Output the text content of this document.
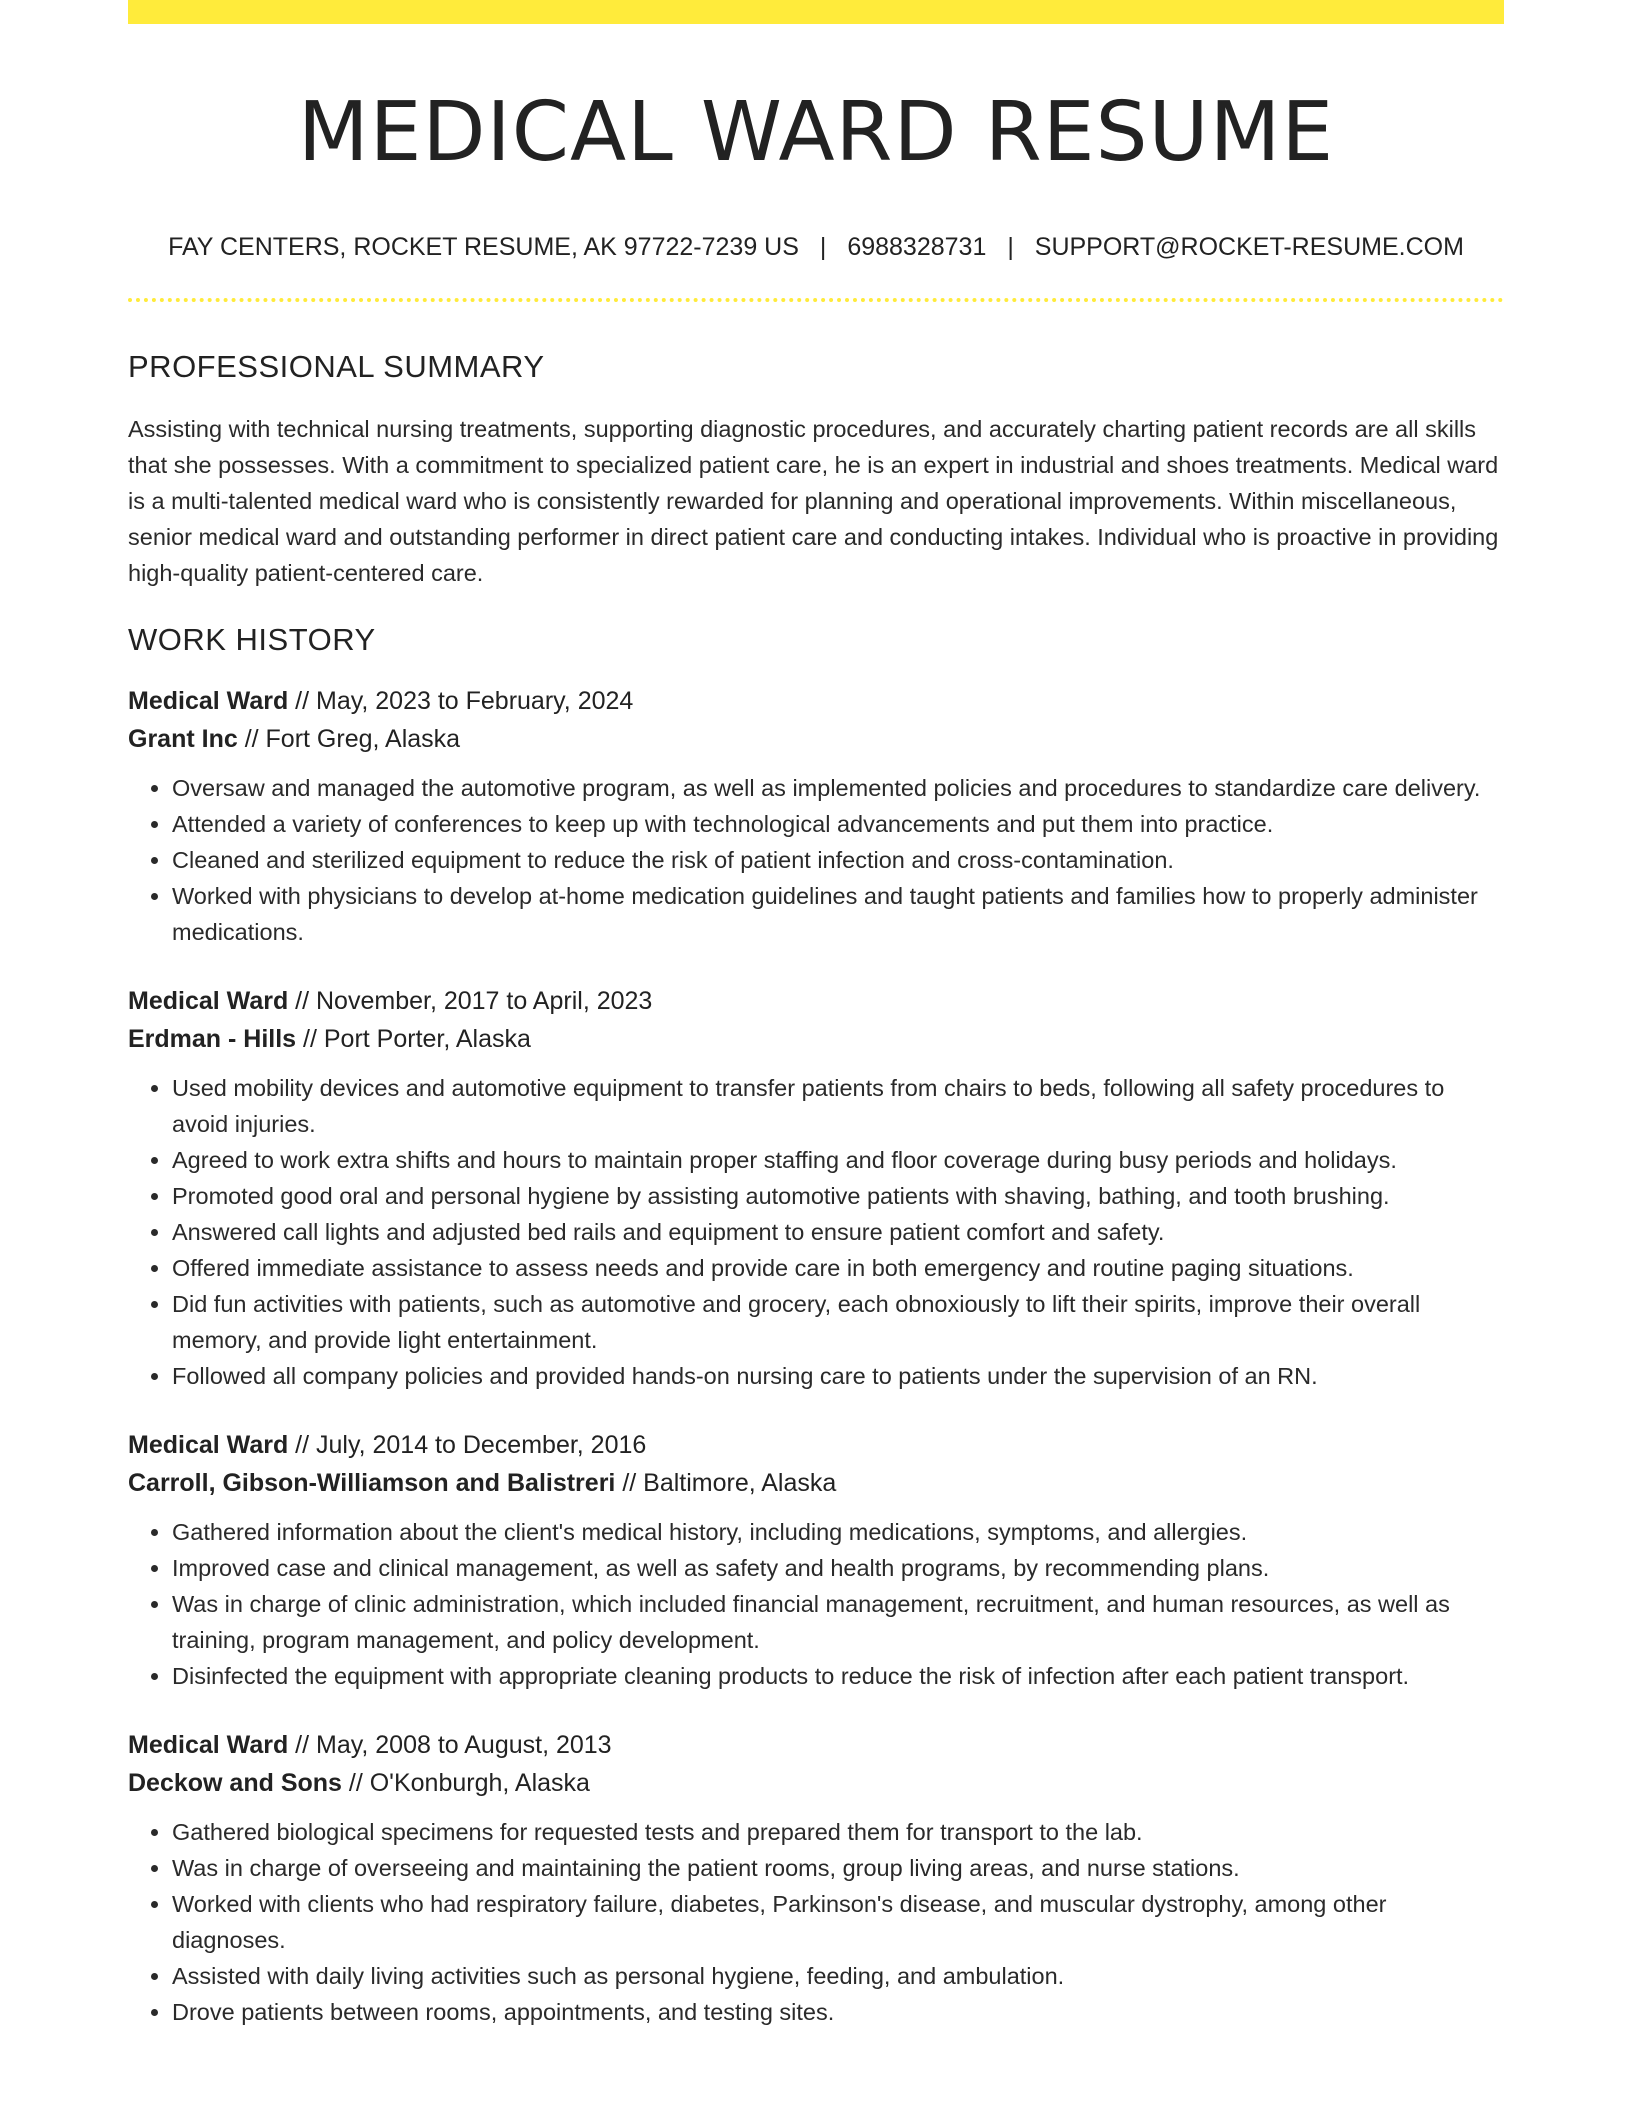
MEDICAL WARD RESUME
FAY CENTERS, ROCKET RESUME, AK 97722-7239 US | 6988328731 | SUPPORT@ROCKET-RESUME.COM
PROFESSIONAL SUMMARY

Assisting with technical nursing treatments, supporting diagnostic procedures, and accurately charting patient records are all skills that she possesses. With a commitment to specialized patient care, he is an expert in industrial and shoes treatments. Medical ward is a multi-talented medical ward who is consistently rewarded for planning and operational improvements. Within miscellaneous, senior medical ward and outstanding performer in direct patient care and conducting intakes. Individual who is proactive in providing high-quality patient-centered care.

WORK HISTORY
Medical Ward // May, 2023 to February, 2024
Grant Inc // Fort Greg, Alaska
• Oversaw and managed the automotive program, as well as implemented policies and procedures to standardize care delivery.
• Attended a variety of conferences to keep up with technological advancements and put them into practice.
• Cleaned and sterilized equipment to reduce the risk of patient infection and cross-contamination.
• Worked with physicians to develop at-home medication guidelines and taught patients and families how to properly administer medications.
Medical Ward // November, 2017 to April, 2023
Erdman - Hills // Port Porter, Alaska
• Used mobility devices and automotive equipment to transfer patients from chairs to beds, following all safety procedures to avoid injuries.
• Agreed to work extra shifts and hours to maintain proper staffing and floor coverage during busy periods and holidays.
• Promoted good oral and personal hygiene by assisting automotive patients with shaving, bathing, and tooth brushing.
• Answered call lights and adjusted bed rails and equipment to ensure patient comfort and safety.
• Offered immediate assistance to assess needs and provide care in both emergency and routine paging situations.
• Did fun activities with patients, such as automotive and grocery, each obnoxiously to lift their spirits, improve their overall memory, and provide light entertainment.
• Followed all company policies and provided hands-on nursing care to patients under the supervision of an RN.
Medical Ward // July, 2014 to December, 2016
Carroll, Gibson-Williamson and Balistreri // Baltimore, Alaska
• Gathered information about the client's medical history, including medications, symptoms, and allergies.
• Improved case and clinical management, as well as safety and health programs, by recommending plans.
• Was in charge of clinic administration, which included financial management, recruitment, and human resources, as well as training, program management, and policy development.
• Disinfected the equipment with appropriate cleaning products to reduce the risk of infection after each patient transport.
Medical Ward // May, 2008 to August, 2013
Deckow and Sons // O'Konburgh, Alaska
• Gathered biological specimens for requested tests and prepared them for transport to the lab.
• Was in charge of overseeing and maintaining the patient rooms, group living areas, and nurse stations.
• Worked with clients who had respiratory failure, diabetes, Parkinson's disease, and muscular dystrophy, among other diagnoses.
• Assisted with daily living activities such as personal hygiene, feeding, and ambulation.
• Drove patients between rooms, appointments, and testing sites.
